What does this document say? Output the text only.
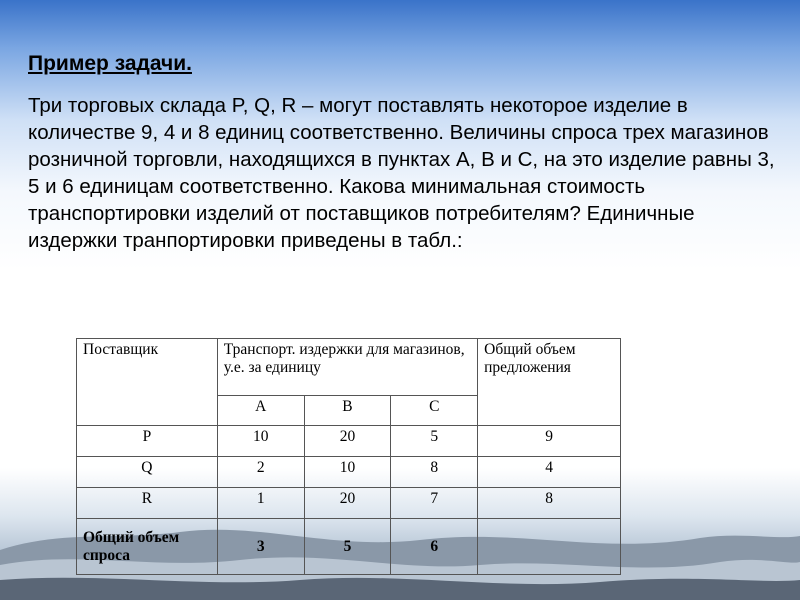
Пример задачи.
Три торговых склада P, Q, R – могут поставлять некоторое изделие в количестве 9, 4 и 8 единиц соответственно. Величины спроса трех магазинов розничной торговли, находящихся в пунктах A, B и C, на это изделие равны 3, 5 и 6 единицам соответственно. Какова минимальная стоимость транспортировки изделий от поставщиков потребителям? Единичные издержки транпортировки приведены в табл.:
Поставщик	Транспорт. издержки для магазинов, у.е. за единицу			Общий объем предложения
	A	B	C	
P	10	20	5	9
Q	2	10	8	4
R	1	20	7	8
Общий объем спроса	3	5	6	
